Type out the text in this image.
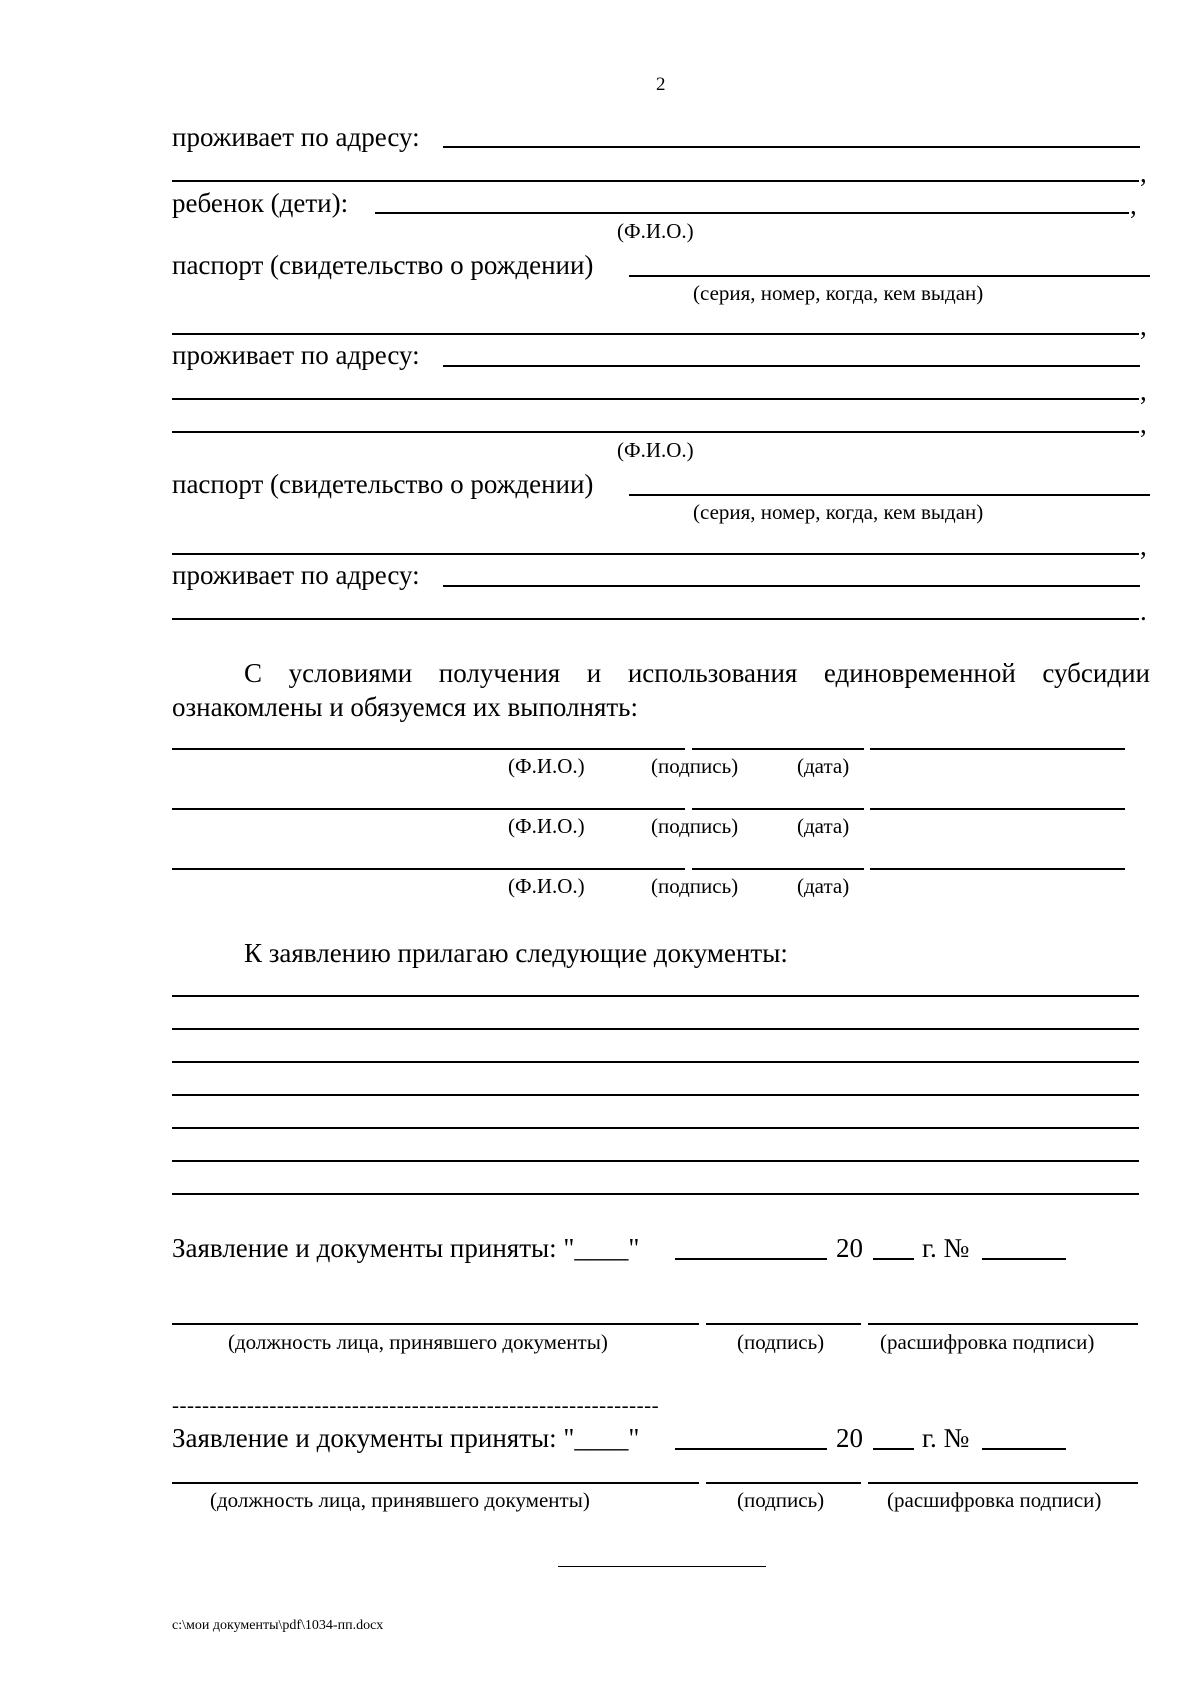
2
проживает по адресу:
,
ребенок (дети):	,
(Ф.И.О.)
паспорт (свидетельство о рождении)
(серия, номер, когда, кем выдан)
,
проживает по адресу:
,
,
(Ф.И.О.)
паспорт (свидетельство о рождении)
(серия, номер, когда, кем выдан)
,
проживает по адресу:
.
С условиями получения и использования единовременной субсидии ознакомлены и обязуемся их выполнять:
(Ф.И.О.)	(подпись)	(дата)
(Ф.И.О.)	(подпись)	(дата)
(Ф.И.О.)	(подпись)	(дата)
К заявлению прилагаю следующие документы:
Заявление и документы приняты: "____"	20 г. №
(должность лица, принявшего документы)	(подпись)	(расшифровка подписи)
-----------------------------------------------------------------
Заявление и документы приняты: "____"	20 г. №
(должность лица, принявшего документы)	(подпись)	(расшифровка подписи)
c:\мои документы\pdf\1034-пп.docx
